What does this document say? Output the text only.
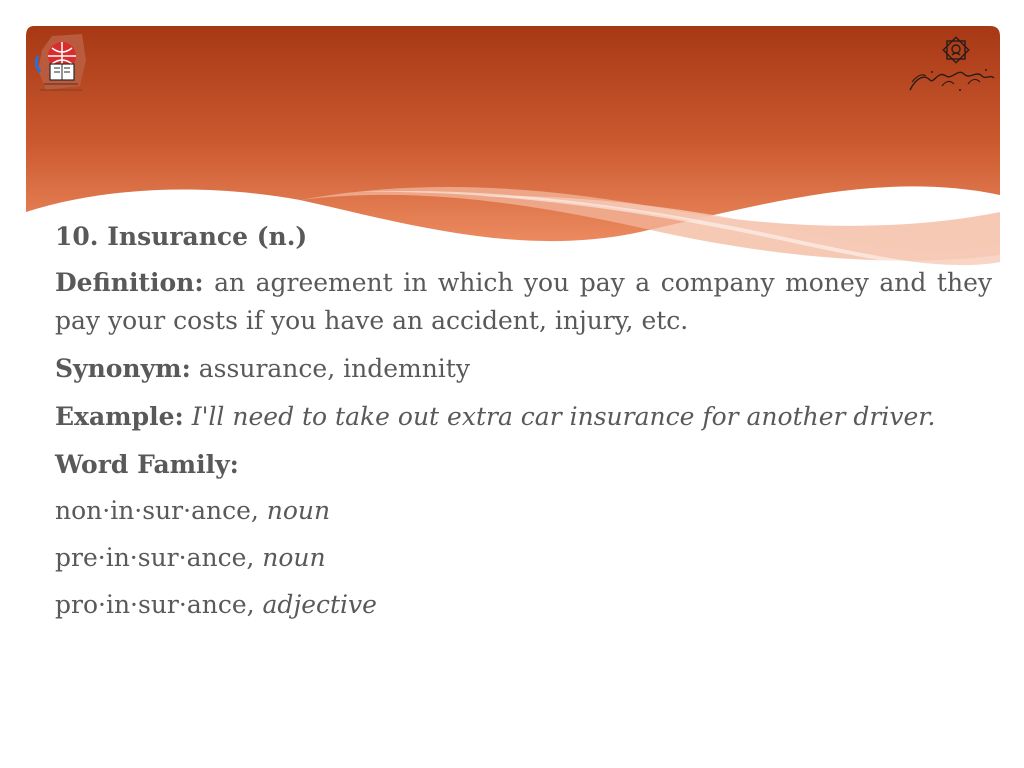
10. Insurance (n.)

Definition: an agreement in which you pay a company money and they pay your costs if you have an accident, injury, etc.

Synonym: assurance, indemnity

Example: I'll need to take out extra car insurance for another driver.

Word Family:
non·in·sur·ance, noun
pre·in·sur·ance, noun
pro·in·sur·ance, adjective
